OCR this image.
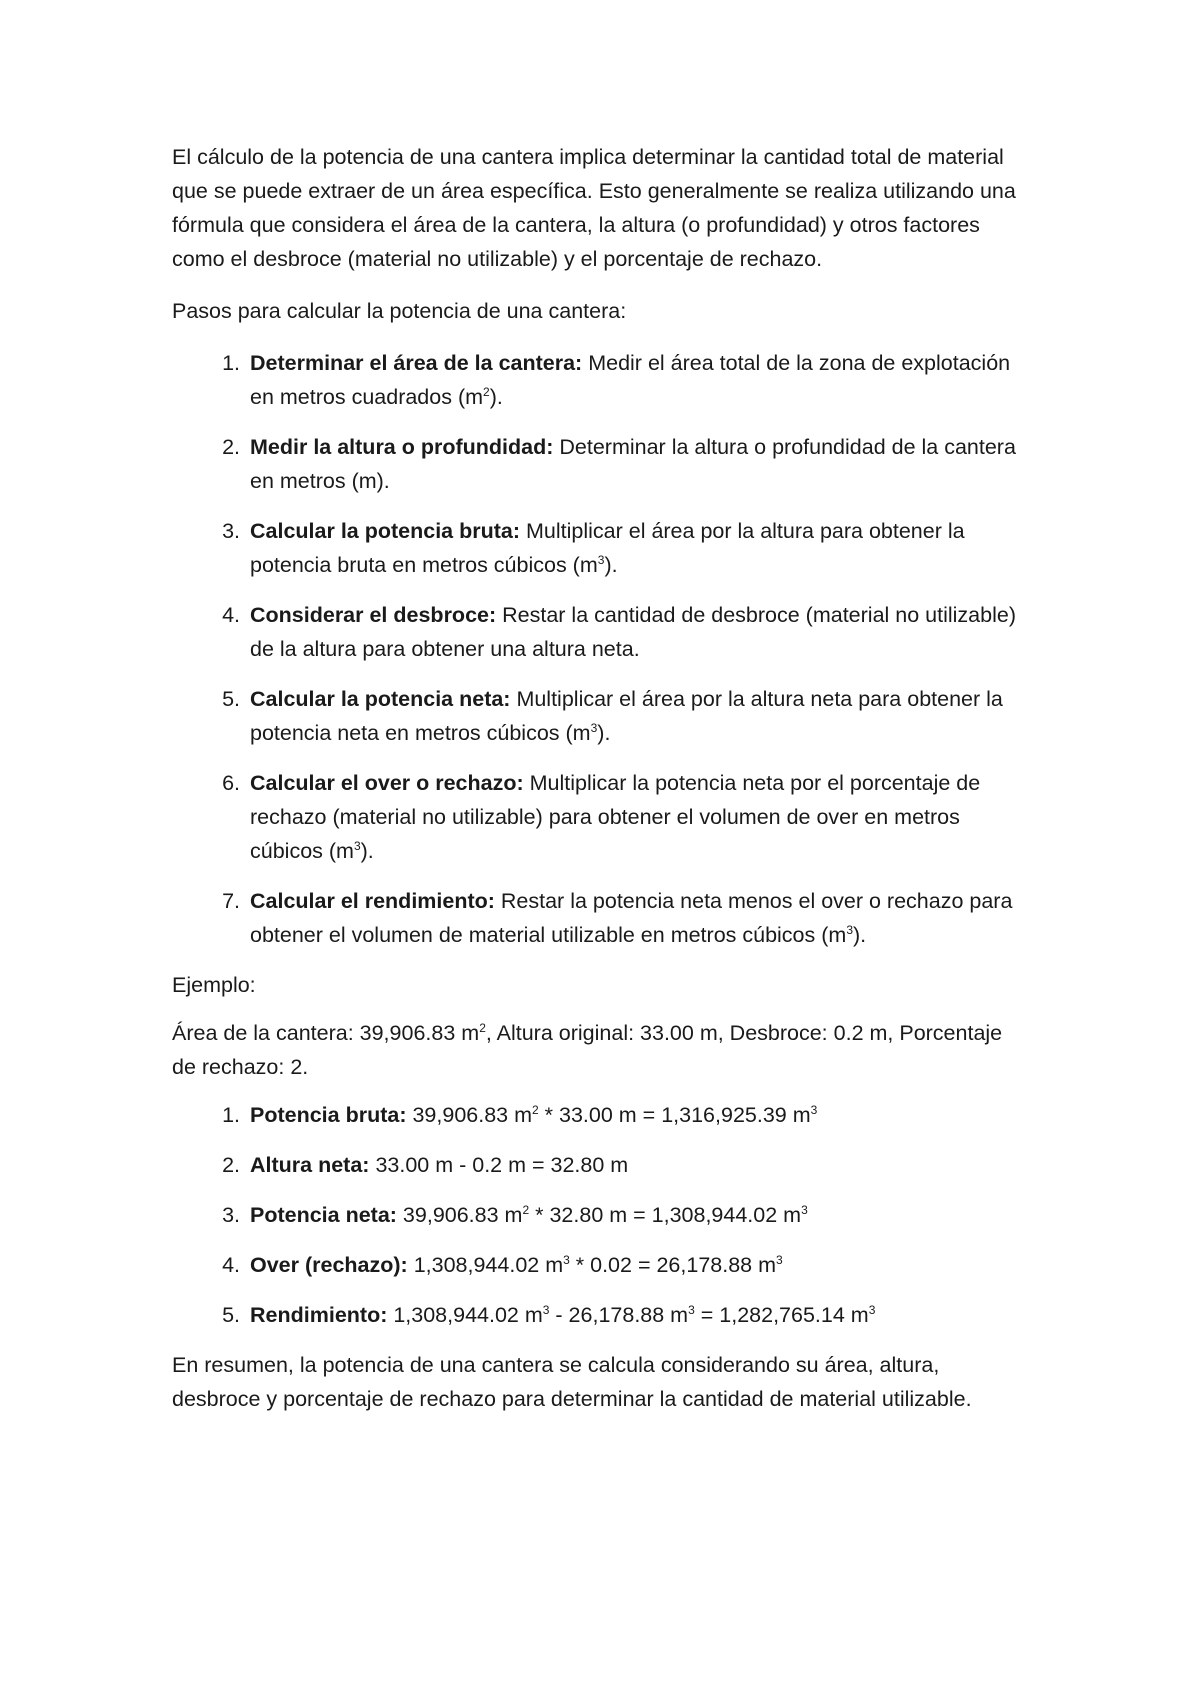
El cálculo de la potencia de una cantera implica determinar la cantidad total de material que se puede extraer de un área específica. Esto generalmente se realiza utilizando una fórmula que considera el área de la cantera, la altura (o profundidad) y otros factores como el desbroce (material no utilizable) y el porcentaje de rechazo.

Pasos para calcular la potencia de una cantera:

1. Determinar el área de la cantera: Medir el área total de la zona de explotación en metros cuadrados $(m^2)$.
2. Medir la altura o profundidad: Determinar la altura o profundidad de la cantera en metros (m).
3. Calcular la potencia bruta: Multiplicar el área por la altura para obtener la potencia bruta en metros cúbicos $(m^3)$.
4. Considerar el desbroce: Restar la cantidad de desbroce (material no utilizable) de la altura para obtener una altura neta.
5. Calcular la potencia neta: Multiplicar el área por la altura neta para obtener la potencia neta en metros cúbicos $(m^3)$.
6. Calcular el over o rechazo: Multiplicar la potencia neta por el porcentaje de rechazo (material no utilizable) para obtener el volumen de over en metros cúbicos $(m^3)$.
7. Calcular el rendimiento: Restar la potencia neta menos el over o rechazo para obtener el volumen de material utilizable en metros cúbicos $(m^3)$.

Ejemplo:

Área de la cantera: 39,906.83 $m^2$, Altura original: 33.00 m, Desbroce: 0.2 m, Porcentaje de rechazo: 2.

1. Potencia bruta: 39,906.83 $m^2 * 33.00$ m = 1,316,925.39 $m^3$
2. Altura neta: 33.00 m - 0.2 m = 32.80 m
3. Potencia neta: 39,906.83 $m^2 * 32.80$ m = 1,308,944.02 $m^3$
4. Over (rechazo): 1,308,944.02 $m^3 * 0.02 = 26,178.88$ $m^3$
5. Rendimiento: 1,308,944.02 $m^3 - 26,178.88$ $m^3 = 1,282,765.14$ $m^3$

En resumen, la potencia de una cantera se calcula considerando su área, altura, desbroce y porcentaje de rechazo para determinar la cantidad de material utilizable.
